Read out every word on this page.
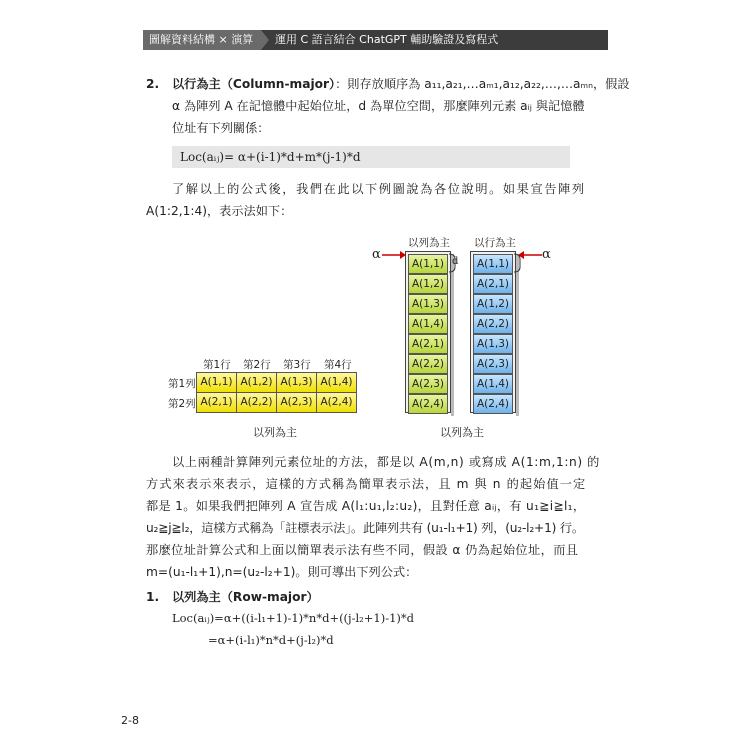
圖解資料結構 × 演算法
運用 C 語言結合 ChatGPT 輔助驗證及寫程式
2. 以行為主（Column-major）：則存放順序為 a₁₁,a₂₁,…aₘ₁,a₁₂,a₂₂,…,…aₘₙ，假設
α 為陣列 A 在記憶體中起始位址，d 為單位空間，那麼陣列元素 aᵢⱼ 與記憶體
位址有下列關係：
Loc(aᵢⱼ)= α+(i-1)*d+m*(j-1)*d
了解以上的公式後，我們在此以下例圖說為各位說明。如果宣告陣列
A(1:2,1:4)，表示法如下：
第1行 第2行 第3行 第4行
第1列
第2列
A(1,1) A(1,2) A(1,3) A(1,4)
A(2,1) A(2,2) A(2,3) A(2,4)
以列為主
以列為主 以行為主
A(1,1)
A(1,2)
A(1,3)
A(1,4)
A(2,1)
A(2,2)
A(2,3)
A(2,4)
A(1,1)
A(2,1)
A(1,2)
A(2,2)
A(1,3)
A(2,3)
A(1,4)
A(2,4)
α	α
d
以列為主
以上兩種計算陣列元素位址的方法，都是以 A(m,n) 或寫成 A(1:m,1:n) 的
方式來表示來表示，這樣的方式稱為簡單表示法，且 m 與 n 的起始值一定
都是 1。如果我們把陣列 A 宣告成 A(l₁:u₁,l₂:u₂)，且對任意 aᵢⱼ，有 u₁≧i≧l₁，
u₂≧j≧l₂，這樣方式稱為「註標表示法」。此陣列共有 (u₁-l₁+1) 列，(u₂-l₂+1) 行。
那麼位址計算公式和上面以簡單表示法有些不同，假設 α 仍為起始位址，而且
m=(u₁-l₁+1),n=(u₂-l₂+1)。則可導出下列公式：
1. 以列為主（Row-major）
Loc(aᵢⱼ)=α+((i-l₁+1)-1)*n*d+((j-l₂+1)-1)*d
=α+(i-l₁)*n*d+(j-l₂)*d
2-8
